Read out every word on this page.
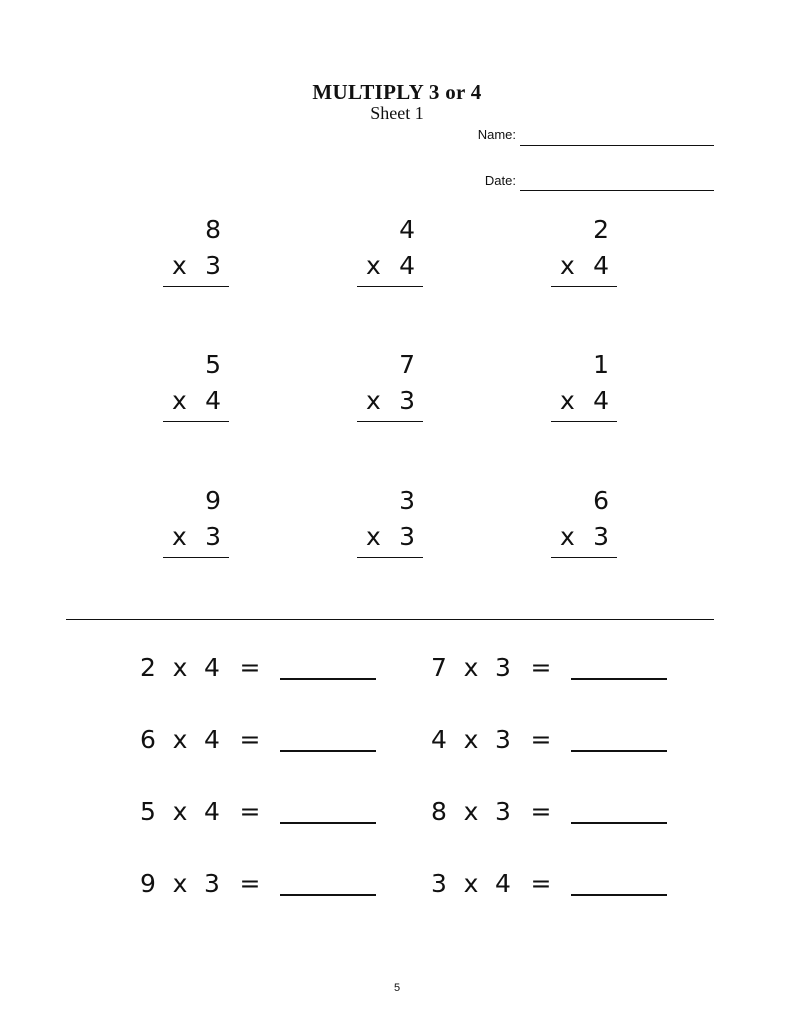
MULTIPLY 3 or 4
Sheet 1
Name:
Date:
8
x 3
4
x 4
2
x 4
5
x 4
7
x 3
1
x 4
9
x 3
3
x 3
6
x 3
2 x 4 =	7 x 3 =
6 x 4 =	4 x 3 =
5 x 4 =	8 x 3 =
9 x 3 =	3 x 4 =
5
